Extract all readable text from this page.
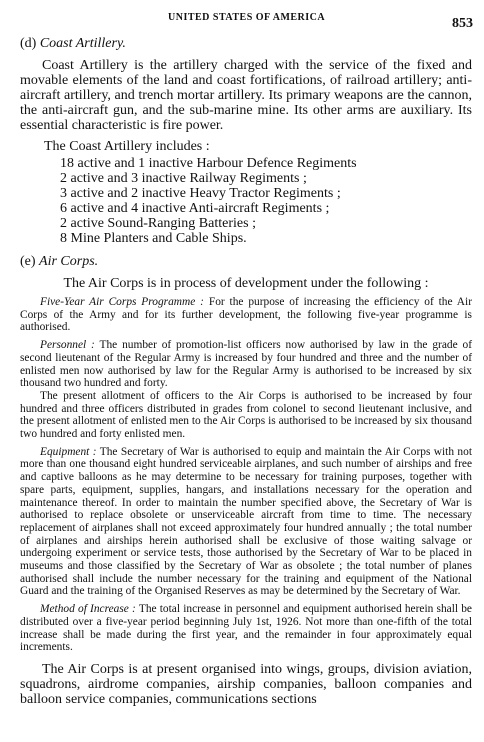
UNITED STATES OF AMERICA	853
(d) Coast Artillery.

Coast Artillery is the artillery charged with the service of the fixed and movable elements of the land and coast fortifications, of railroad artillery; anti-aircraft artillery, and trench mortar artillery. Its primary weapons are the cannon, the anti-aircraft gun, and the sub-marine mine. Its other arms are auxiliary. Its essential characteristic is fire power.

The Coast Artillery includes :

18 active and 1 inactive Harbour Defence Regiments
2 active and 3 inactive Railway Regiments ;
3 active and 2 inactive Heavy Tractor Regiments ;
6 active and 4 inactive Anti-aircraft Regiments ;
2 active Sound-Ranging Batteries ;
8 Mine Planters and Cable Ships.
(e) Air Corps.

The Air Corps is in process of development under the following :

Five-Year Air Corps Programme : For the purpose of increasing the efficiency of the Air Corps of the Army and for its further development, the following five-year programme is authorised.

Personnel : The number of promotion-list officers now authorised by law in the grade of second lieutenant of the Regular Army is increased by four hundred and three and the number of enlisted men now authorised by law for the Regular Army is authorised to be increased by six thousand two hundred and forty.

The present allotment of officers to the Air Corps is authorised to be increased by four hundred and three officers distributed in grades from colonel to second lieutenant inclusive, and the present allotment of enlisted men to the Air Corps is authorised to be increased by six thousand two hundred and forty enlisted men.

Equipment : The Secretary of War is authorised to equip and maintain the Air Corps with not more than one thousand eight hundred serviceable airplanes, and such number of airships and free and captive balloons as he may determine to be necessary for training purposes, together with spare parts, equipment, supplies, hangars, and installations necessary for the operation and maintenance thereof. In order to maintain the number specified above, the Secretary of War is authorised to replace obsolete or unserviceable aircraft from time to time. The necessary replacement of airplanes shall not exceed approximately four hundred annually ; the total number of airplanes and airships herein authorised shall be exclusive of those waiting salvage or undergoing experiment or service tests, those authorised by the Secretary of War to be placed in museums and those classified by the Secretary of War as obsolete ; the total number of planes authorised shall include the number necessary for the training and equipment of the National Guard and the training of the Organised Reserves as may be determined by the Secretary of War.

Method of Increase : The total increase in personnel and equipment authorised herein shall be distributed over a five-year period beginning July 1st, 1926. Not more than one-fifth of the total increase shall be made during the first year, and the remainder in four approximately equal increments.

The Air Corps is at present organised into wings, groups, division aviation, squadrons, airdrome companies, airship companies, balloon companies and balloon service companies, communications sections
